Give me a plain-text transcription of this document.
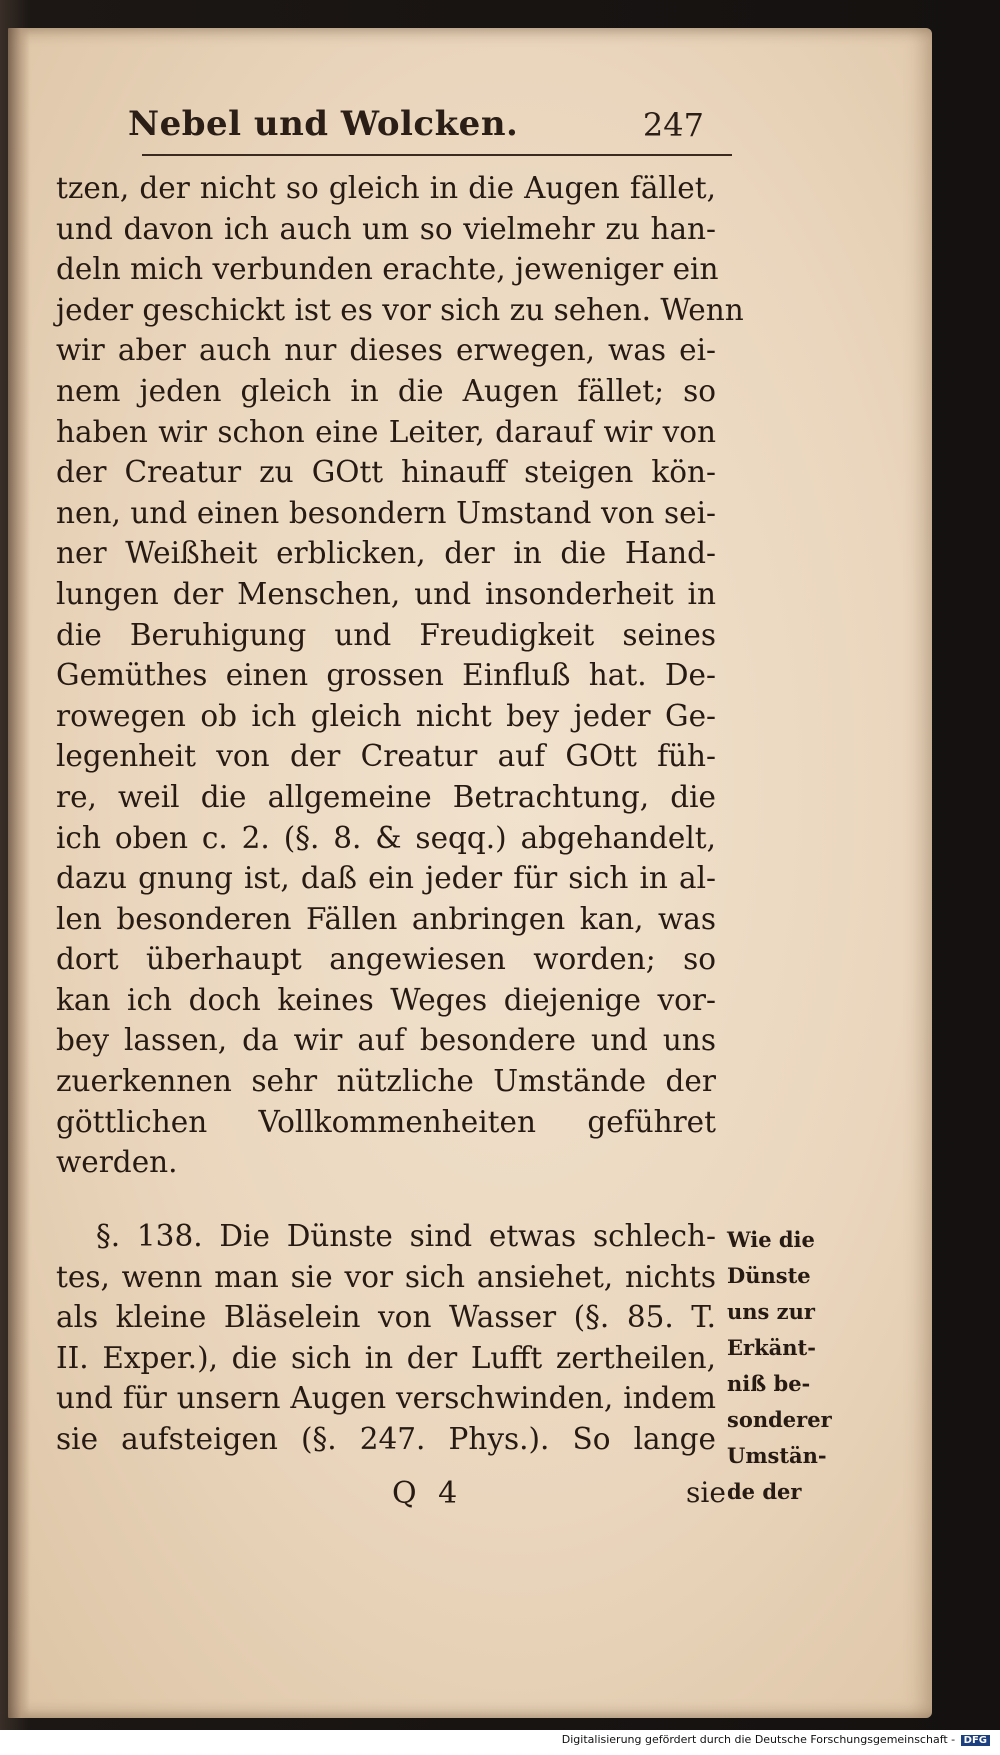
Nebel und Wolcken.	247
tzen, der nicht so gleich in die Augen fället,
und davon ich auch um so vielmehr zu han-
deln mich verbunden erachte, jeweniger ein
jeder geschickt ist es vor sich zu sehen. Wenn
wir aber auch nur dieses erwegen, was ei-
nem jeden gleich in die Augen fället; so
haben wir schon eine Leiter, darauf wir von
der Creatur zu GOtt hinauff steigen kön-
nen, und einen besondern Umstand von sei-
ner Weißheit erblicken, der in die Hand-
lungen der Menschen, und insonderheit in
die Beruhigung und Freudigkeit seines
Gemüthes einen grossen Einfluß hat. De-
rowegen ob ich gleich nicht bey jeder Ge-
legenheit von der Creatur auf GOtt füh-
re, weil die allgemeine Betrachtung, die
ich oben c. 2. (§. 8. & seqq.) abgehandelt,
dazu gnung ist, daß ein jeder für sich in al-
len besonderen Fällen anbringen kan, was
dort überhaupt angewiesen worden; so
kan ich doch keines Weges diejenige vor-
bey lassen, da wir auf besondere und uns
zuerkennen sehr nützliche Umstände der
göttlichen Vollkommenheiten geführet
werden.
§. 138. Die Dünste sind etwas schlech-
tes, wenn man sie vor sich ansiehet, nichts
als kleine Bläselein von Wasser (§. 85. T.
II. Exper.), die sich in der Lufft zertheilen,
und für unsern Augen verschwinden, indem
sie aufsteigen (§. 247. Phys.). So lange
Wie die
Dünste
uns zur
Erkänt-
niß be-
sonderer
Umstän-
de der
Q 4	sie
Digitalisierung gefördert durch die Deutsche Forschungsgemeinschaft - DFG
